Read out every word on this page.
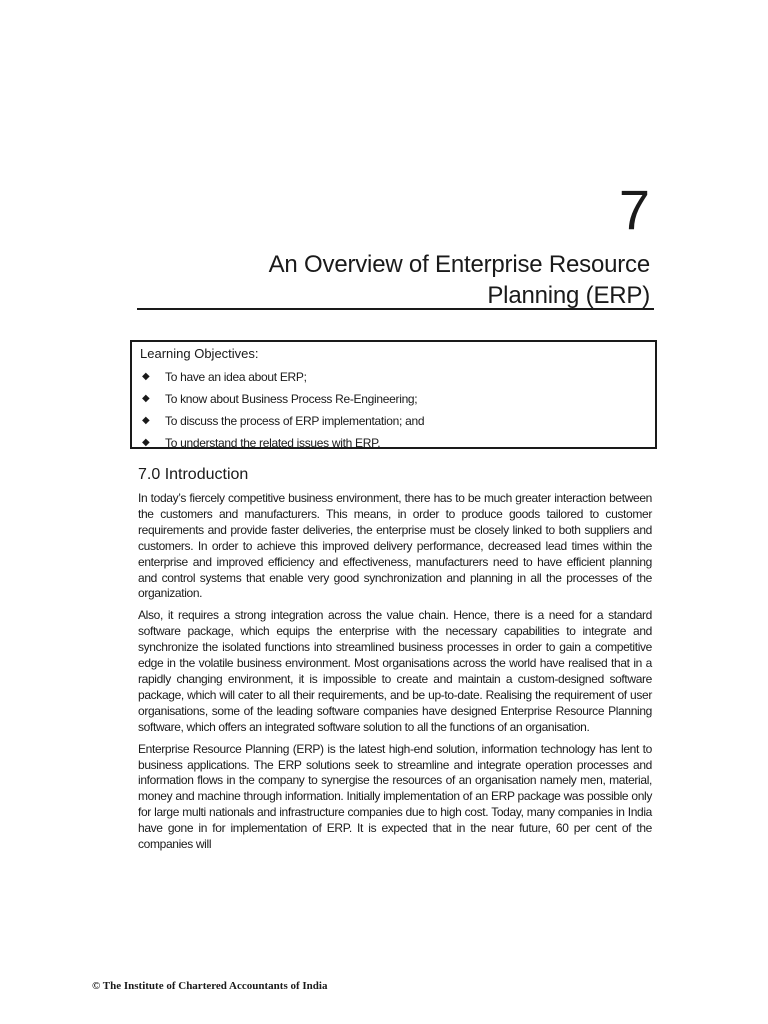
7
An Overview of Enterprise Resource Planning (ERP)
Learning Objectives:
◆ To have an idea about ERP;
◆ To know about Business Process Re-Engineering;
◆ To discuss the process of ERP implementation; and
◆ To understand the related issues with ERP.
7.0 Introduction

In today’s fiercely competitive business environment, there has to be much greater interaction between the customers and manufacturers. This means, in order to produce goods tailored to customer requirements and provide faster deliveries, the enterprise must be closely linked to both suppliers and customers. In order to achieve this improved delivery performance, decreased lead times within the enterprise and improved efficiency and effectiveness, manufacturers need to have efficient planning and control systems that enable very good synchronization and planning in all the processes of the organization.

Also, it requires a strong integration across the value chain. Hence, there is a need for a standard software package, which equips the enterprise with the necessary capabilities to integrate and synchronize the isolated functions into streamlined business processes in order to gain a competitive edge in the volatile business environment. Most organisations across the world have realised that in a rapidly changing environment, it is impossible to create and maintain a custom-designed software package, which will cater to all their requirements, and be up-to-date. Realising the requirement of user organisations, some of the leading software companies have designed Enterprise Resource Planning software, which offers an integrated software solution to all the functions of an organisation.

Enterprise Resource Planning (ERP) is the latest high-end solution, information technology has lent to business applications. The ERP solutions seek to streamline and integrate operation processes and information flows in the company to synergise the resources of an organisation namely men, material, money and machine through information. Initially implementation of an ERP package was possible only for large multi nationals and infrastructure companies due to high cost. Today, many companies in India have gone in for implementation of ERP. It is expected that in the near future, 60 per cent of the companies will

© The Institute of Chartered Accountants of India
